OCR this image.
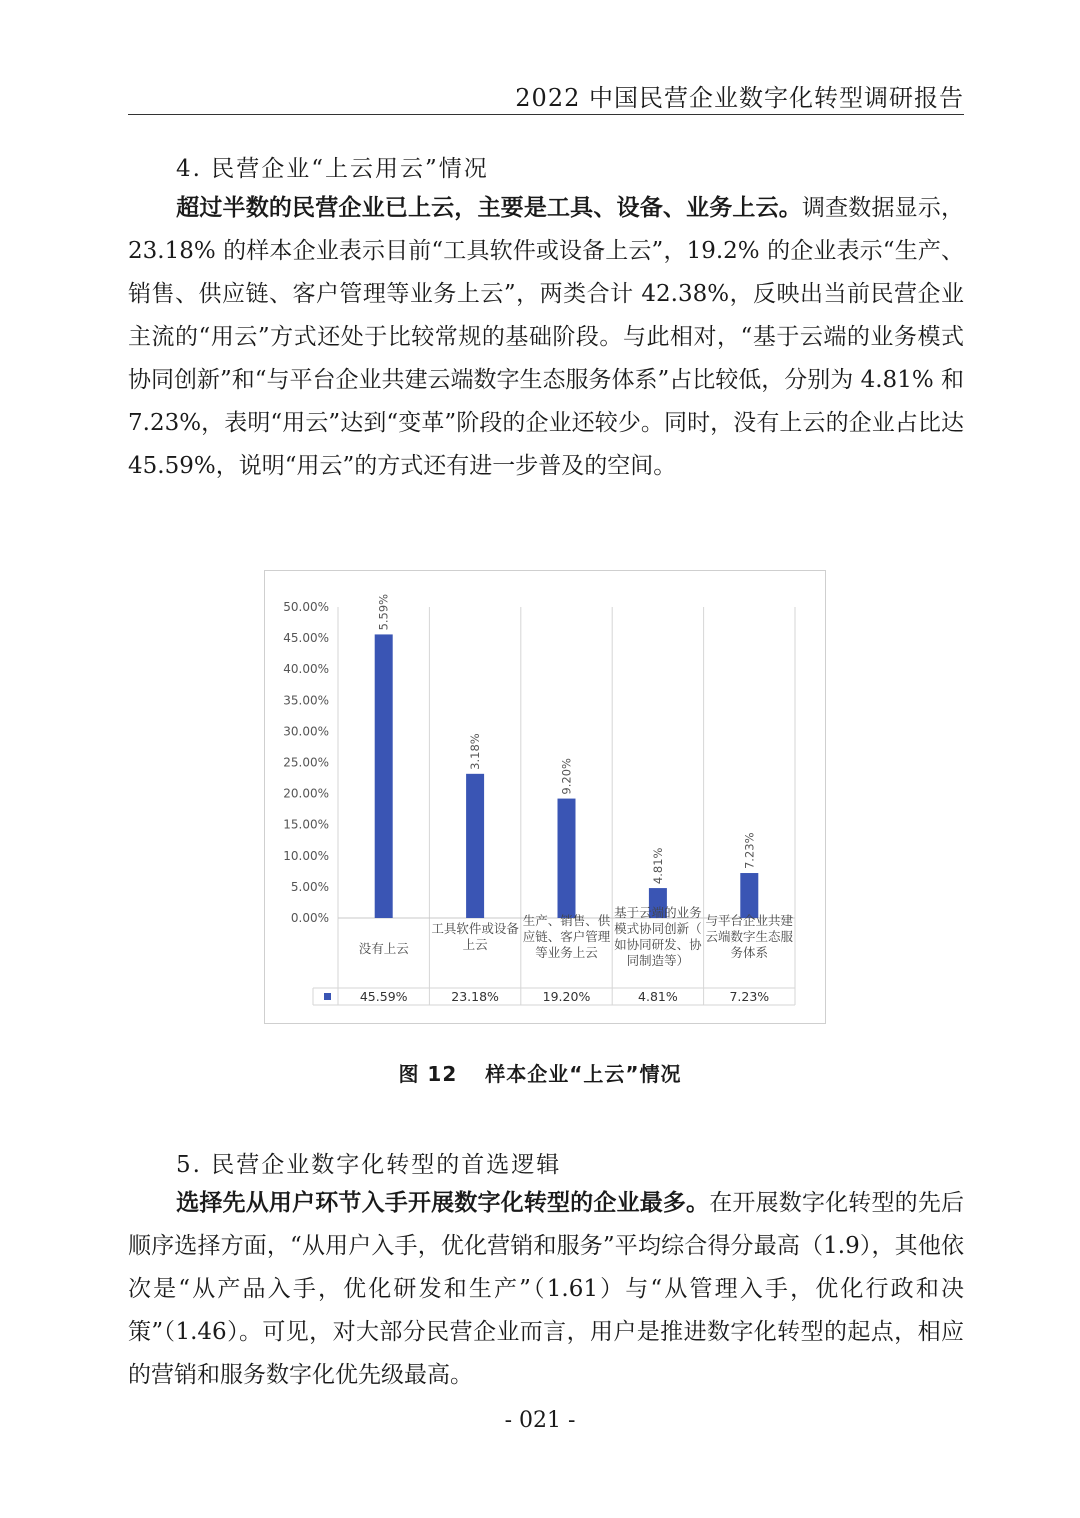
2022 中国民营企业数字化转型调研报告
4. 民营企业“上云用云”情况

超过半数的民营企业已上云，主要是工具、设备、业务上云。调查数据显示，23.18% 的样本企业表示目前“工具软件或设备上云”，19.2% 的企业表示“生产、销售、供应链、客户管理等业务上云”，两类合计 42.38%，反映出当前民营企业主流的“用云”方式还处于比较常规的基础阶段。与此相对，“基于云端的业务模式协同创新”和“与平台企业共建云端数字生态服务体系”占比较低，分别为 4.81% 和 7.23%，表明“用云”达到“变革”阶段的企业还较少。同时，没有上云的企业占比达 45.59%，说明“用云”的方式还有进一步普及的空间。

0.00%
5.00%
10.00%
15.00%
20.00%
25.00%
30.00%
35.00%
40.00%
45.00%
50.00%	5.59%
没有上云
45.59%
3.18%
工具软件或设备
上云
23.18%
9.20%
生产、销售、供
应链、客户管理
等业务上云
19.20%
4.81%
基于云端的业务
模式协同创新（
如协同研发、协
同制造等）
4.81%
7.23%
与平台企业共建
云端数字生态服
务体系
7.23%
图 12 样本企业“上云”情况
5. 民营企业数字化转型的首选逻辑

选择先从用户环节入手开展数字化转型的企业最多。在开展数字化转型的先后顺序选择方面，“从用户入手，优化营销和服务”平均综合得分最高（1.9），其他依次是“从产品入手，优化研发和生产”（1.61）与“从管理入手，优化行政和决策”（1.46）。可见，对大部分民营企业而言，用户是推进数字化转型的起点，相应的营销和服务数字化优先级最高。

- 021 -
